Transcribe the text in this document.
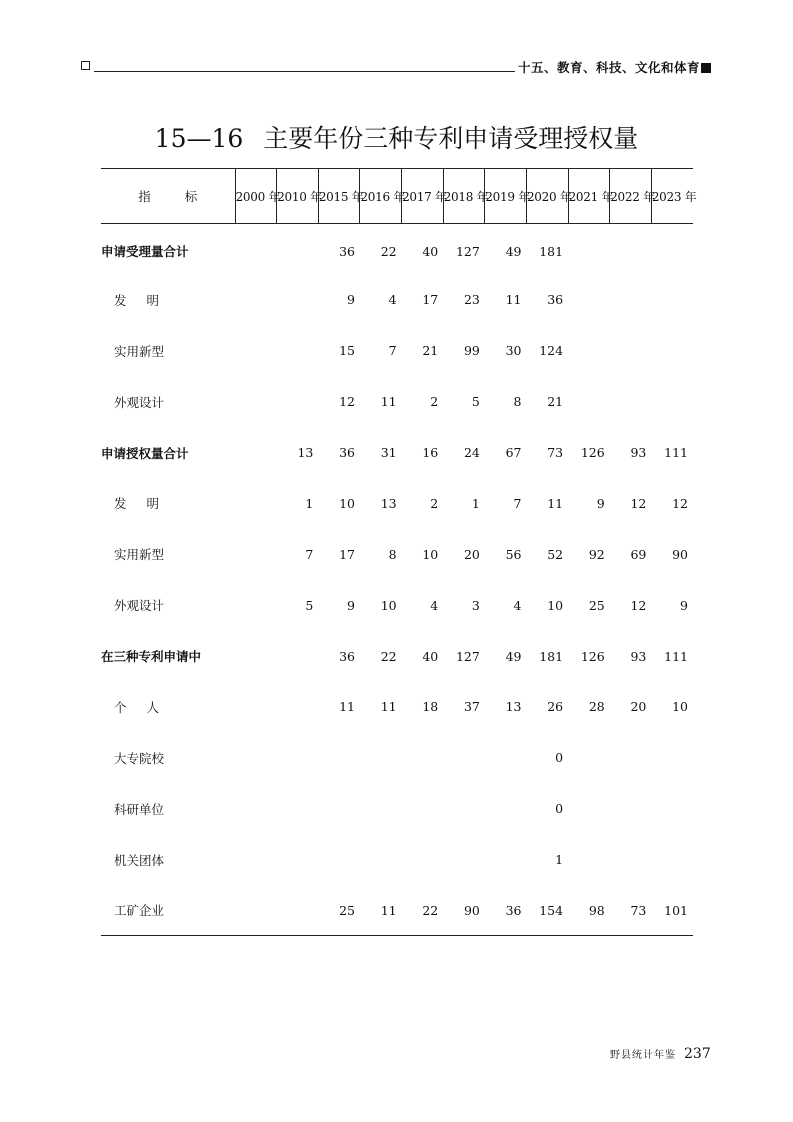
十五、教育、科技、文化和体育
15—16 主要年份三种专利申请受理授权量
指 标	2000 年	2010 年	2015 年	2016 年	2017 年	2018 年	2019 年	2020 年	2021 年	2022 年	2023 年
申请受理量合计			36	22	40	127	49	181			
发 明			9	4	17	23	11	36			
实用新型			15	7	21	99	30	124			
外观设计			12	11	2	5	8	21			
申请授权量合计		13	36	31	16	24	67	73	126	93	111
发 明		1	10	13	2	1	7	11	9	12	12
实用新型		7	17	8	10	20	56	52	92	69	90
外观设计		5	9	10	4	3	4	10	25	12	9
在三种专利申请中			36	22	40	127	49	181	126	93	111
个 人			11	11	18	37	13	26	28	20	10
大专院校								0			
科研单位								0			
机关团体								1			
工矿企业			25	11	22	90	36	154	98	73	101
野县统计年鉴 237
